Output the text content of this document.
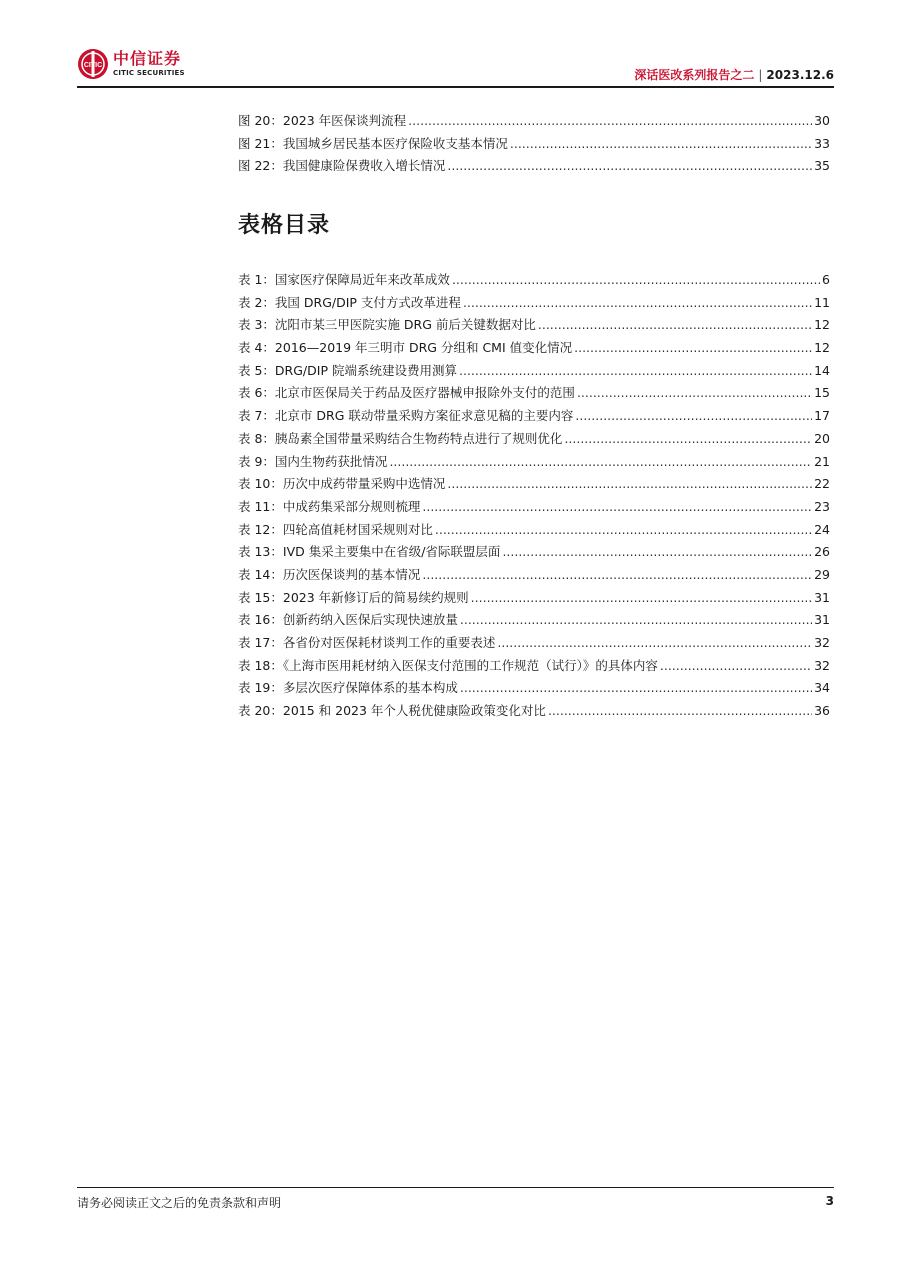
CITIC 中信证券
CITIC SECURITIES	深话医改系列报告之二 | 2023.12.6
图 20：2023 年医保谈判流程 .....	30
图 21：我国城乡居民基本医疗保险收支基本情况 .....	33
图 22：我国健康险保费收入增长情况 .....	35
表格目录
表 1：国家医疗保障局近年来改革成效 .....	6
表 2：我国 DRG/DIP 支付方式改革进程 .....	11
表 3：沈阳市某三甲医院实施 DRG 前后关键数据对比 .....	12
表 4：2016—2019 年三明市 DRG 分组和 CMI 值变化情况 .....	12
表 5：DRG/DIP 院端系统建设费用测算 .....	14
表 6：北京市医保局关于药品及医疗器械申报除外支付的范围 .....	15
表 7：北京市 DRG 联动带量采购方案征求意见稿的主要内容 .....	17
表 8：胰岛素全国带量采购结合生物药特点进行了规则优化 .....	20
表 9：国内生物药获批情况 .....	21
表 10：历次中成药带量采购中选情况 .....	22
表 11：中成药集采部分规则梳理 .....	23
表 12：四轮高值耗材国采规则对比 .....	24
表 13：IVD 集采主要集中在省级/省际联盟层面 .....	26
表 14：历次医保谈判的基本情况 .....	29
表 15：2023 年新修订后的简易续约规则 .....	31
表 16：创新药纳入医保后实现快速放量 .....	31
表 17：各省份对医保耗材谈判工作的重要表述 .....	32
表 18：《上海市医用耗材纳入医保支付范围的工作规范（试行）》的具体内容 .....	32
表 19：多层次医疗保障体系的基本构成 .....	34
表 20：2015 和 2023 年个人税优健康险政策变化对比 .....	36
请务必阅读正文之后的免责条款和声明	3
